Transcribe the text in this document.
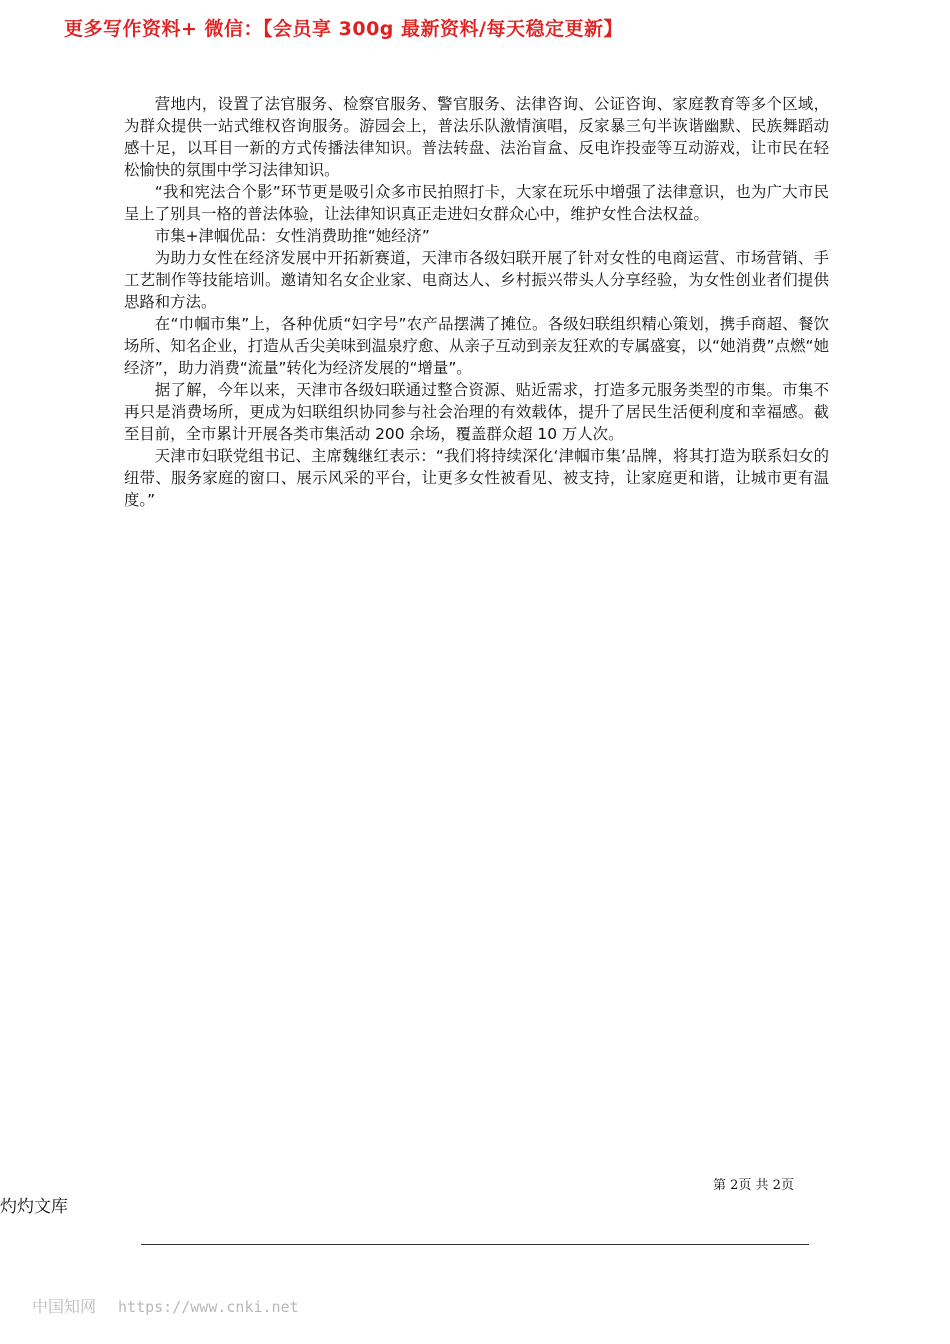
更多写作资料+ 微信：【会员享 300g 最新资料/每天稳定更新】

营地内，设置了法官服务、检察官服务、警官服务、法律咨询、公证咨询、家庭教育等多个区域，为群众提供一站式维权咨询服务。游园会上，普法乐队激情演唱，反家暴三句半诙谐幽默、民族舞蹈动感十足，以耳目一新的方式传播法律知识。普法转盘、法治盲盒、反电诈投壶等互动游戏，让市民在轻松愉快的氛围中学习法律知识。

“我和宪法合个影”环节更是吸引众多市民拍照打卡，大家在玩乐中增强了法律意识，也为广大市民呈上了别具一格的普法体验，让法律知识真正走进妇女群众心中，维护女性合法权益。

市集+津帼优品：女性消费助推“她经济”

为助力女性在经济发展中开拓新赛道，天津市各级妇联开展了针对女性的电商运营、市场营销、手工艺制作等技能培训。邀请知名女企业家、电商达人、乡村振兴带头人分享经验，为女性创业者们提供思路和方法。

在“巾帼市集”上，各种优质“妇字号”农产品摆满了摊位。各级妇联组织精心策划，携手商超、餐饮场所、知名企业，打造从舌尖美味到温泉疗愈、从亲子互动到亲友狂欢的专属盛宴，以“她消费”点燃“她经济”，助力消费“流量”转化为经济发展的“增量”。

据了解，今年以来，天津市各级妇联通过整合资源、贴近需求，打造多元服务类型的市集。市集不再只是消费场所，更成为妇联组织协同参与社会治理的有效载体，提升了居民生活便利度和幸福感。截至目前，全市累计开展各类市集活动 200 余场，覆盖群众超 10 万人次。

天津市妇联党组书记、主席魏继红表示：“我们将持续深化‘津帼市集’品牌，将其打造为联系妇女的纽带、服务家庭的窗口、展示风采的平台，让更多女性被看见、被支持，让家庭更和谐，让城市更有温度。”

第 2页 共 2页
灼灼文库
中国知网 https://www.cnki.net
